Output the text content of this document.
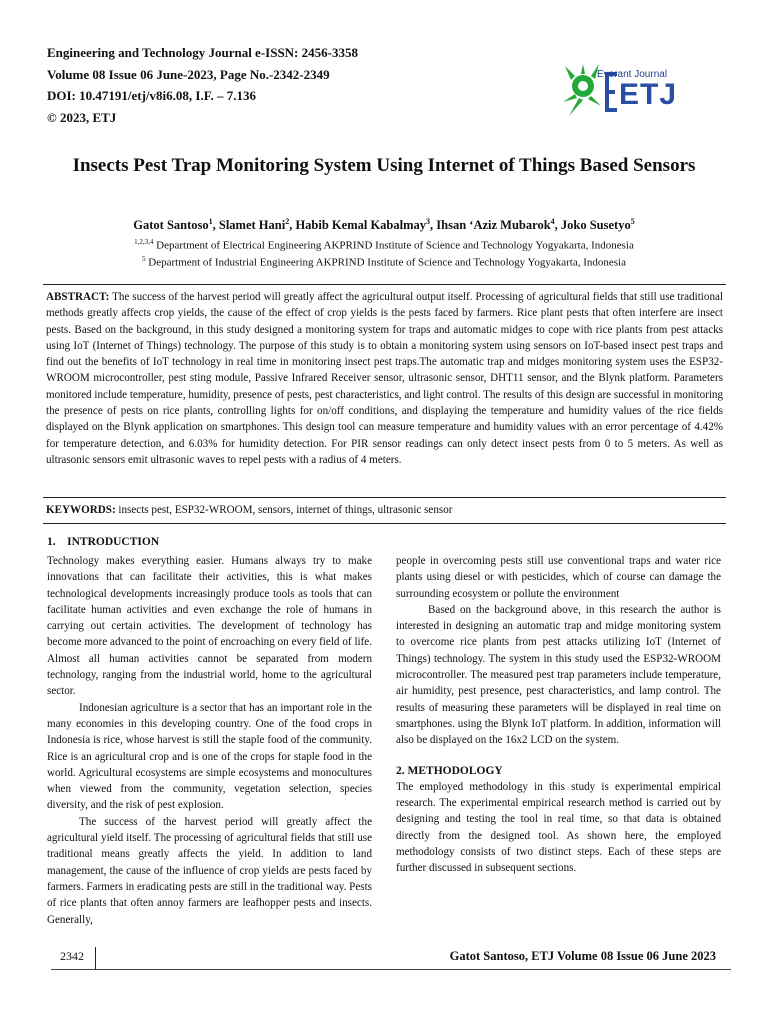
Engineering and Technology Journal e-ISSN: 2456-3358
Volume 08 Issue 06 June-2023, Page No.-2342-2349
DOI: 10.47191/etj/v8i6.08, I.F. – 7.136
© 2023, ETJ
Everant Journal
ETJ
Insects Pest Trap Monitoring System Using Internet of Things Based Sensors
Gatot Santoso$^1$, Slamet Hani$^2$, Habib Kemal Kabalmay$^3$, Ihsan ‘Aziz Mubarok$^4$, Joko Susetyo$^5$
$^{1,2,3,4}$ Department of Electrical Engineering AKPRIND Institute of Science and Technology Yogyakarta, Indonesia
$^5$ Department of Industrial Engineering AKPRIND Institute of Science and Technology Yogyakarta, Indonesia
ABSTRACT: The success of the harvest period will greatly affect the agricultural output itself. Processing of agricultural fields that still use traditional methods greatly affects crop yields, the cause of the effect of crop yields is the pests faced by farmers. Rice plant pests that often interfere are insect pests. Based on the background, in this study designed a monitoring system for traps and automatic midges to cope with rice plants from pest attacks using IoT (Internet of Things) technology. The purpose of this study is to obtain a monitoring system using sensors on IoT-based insect pest traps and find out the benefits of IoT technology in real time in monitoring insect pest traps.The automatic trap and midges monitoring system uses the ESP32-WROOM microcontroller, pest sting module, Passive Infrared Receiver sensor, ultrasonic sensor, DHT11 sensor, and the Blynk platform. Parameters monitored include temperature, humidity, presence of pests, pest characteristics, and light control. The results of this design are successful in monitoring the presence of pests on rice plants, controlling lights for on/off conditions, and displaying the temperature and humidity values of the rice fields displayed on the Blynk application on smartphones. This design tool can measure temperature and humidity values with an error percentage of 4.42% for temperature detection, and 6.03% for humidity detection. For PIR sensor readings can only detect insect pests from 0 to 5 meters. As well as ultrasonic sensors emit ultrasonic waves to repel pests with a radius of 4 meters.
KEYWORDS: insects pest, ESP32-WROOM, sensors, internet of things, ultrasonic sensor
1.    INTRODUCTION

Technology makes everything easier. Humans always try to make innovations that can facilitate their activities, this is what makes technological developments increasingly produce tools as tools that can facilitate human activities and even exchange the role of humans in carrying out certain activities. The development of technology has become more advanced to the point of encroaching on every field of life. Almost all human activities cannot be separated from modern technology, ranging from the industrial world, home to the agricultural sector.

Indonesian agriculture is a sector that has an important role in the many economies in this developing country. One of the food crops in Indonesia is rice, whose harvest is still the staple food of the community. Rice is an agricultural crop and is one of the crops for staple food in the world. Agricultural ecosystems are simple ecosystems and monocultures when viewed from the community, vegetation selection, species diversity, and the risk of pest explosion.

The success of the harvest period will greatly affect the agricultural yield itself. The processing of agricultural fields that still use traditional means greatly affects the yield. In addition to land management, the cause of the influence of crop yields are pests faced by farmers. Farmers in eradicating pests are still in the traditional way. Pests of rice plants that often annoy farmers are leafhopper pests and insects. Generally,

people in overcoming pests still use conventional traps and water rice plants using diesel or with pesticides, which of course can damage the surrounding ecosystem or pollute the environment

Based on the background above, in this research the author is interested in designing an automatic trap and midge monitoring system to overcome rice plants from pest attacks utilizing IoT (Internet of Things) technology. The system in this study used the ESP32-WROOM microcontroller. The measured pest trap parameters include temperature, air humidity, pest presence, pest characteristics, and lamp control. The results of measuring these parameters will be displayed in real time on smartphones. using the Blynk IoT platform. In addition, information will also be displayed on the 16x2 LCD on the system.

2. METHODOLOGY

The employed methodology in this study is experimental empirical research. The experimental empirical research method is carried out by designing and testing the tool in real time, so that data is obtained directly from the designed tool. As shown here, the employed methodology consists of two distinct steps. Each of these steps are further discussed in subsequent sections.

2342	Gatot Santoso, ETJ Volume 08 Issue 06 June 2023
